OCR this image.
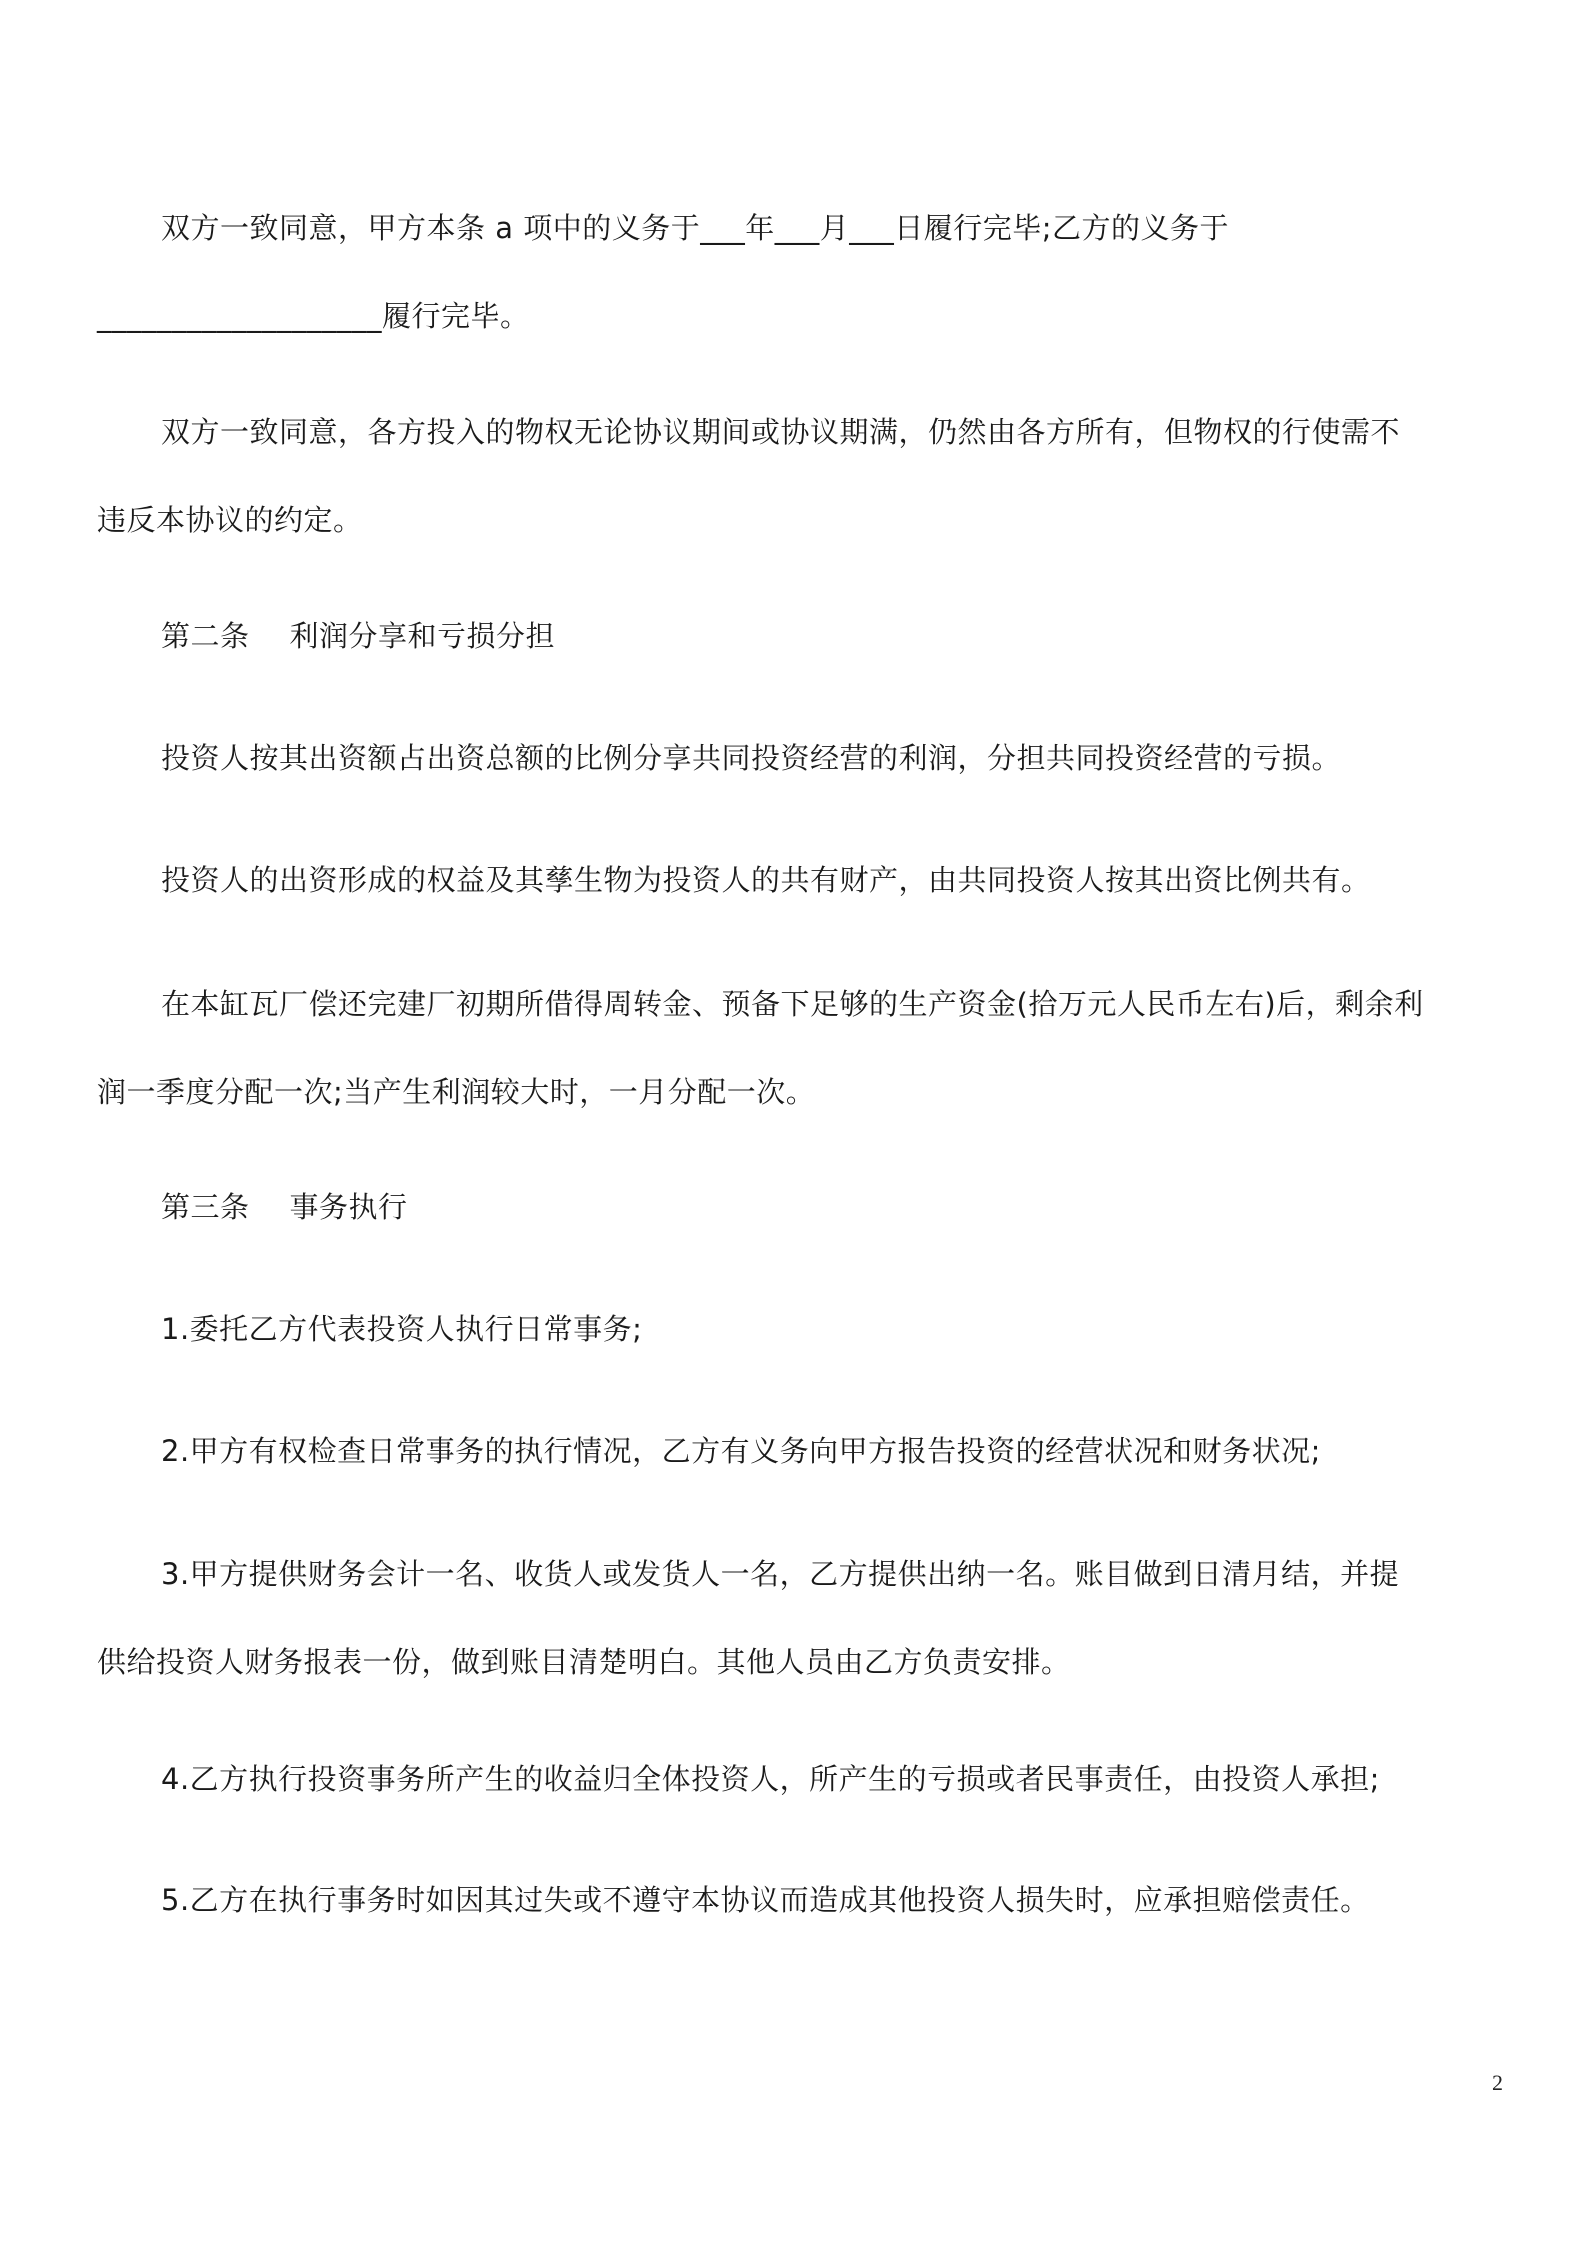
双方一致同意，甲方本条 a 项中的义务于___年___月___日履行完毕;乙方的义务于
___________________履行完毕。
双方一致同意，各方投入的物权无论协议期间或协议期满，仍然由各方所有，但物权的行使需不
违反本协议的约定。
第二条 利润分享和亏损分担
投资人按其出资额占出资总额的比例分享共同投资经营的利润，分担共同投资经营的亏损。
投资人的出资形成的权益及其孳生物为投资人的共有财产，由共同投资人按其出资比例共有。
在本缸瓦厂偿还完建厂初期所借得周转金、预备下足够的生产资金(拾万元人民币左右)后，剩余利
润一季度分配一次;当产生利润较大时，一月分配一次。
第三条 事务执行
1.委托乙方代表投资人执行日常事务;
2.甲方有权检查日常事务的执行情况，乙方有义务向甲方报告投资的经营状况和财务状况;
3.甲方提供财务会计一名、收货人或发货人一名，乙方提供出纳一名。账目做到日清月结，并提
供给投资人财务报表一份，做到账目清楚明白。其他人员由乙方负责安排。
4.乙方执行投资事务所产生的收益归全体投资人，所产生的亏损或者民事责任，由投资人承担;
5.乙方在执行事务时如因其过失或不遵守本协议而造成其他投资人损失时，应承担赔偿责任。
2
